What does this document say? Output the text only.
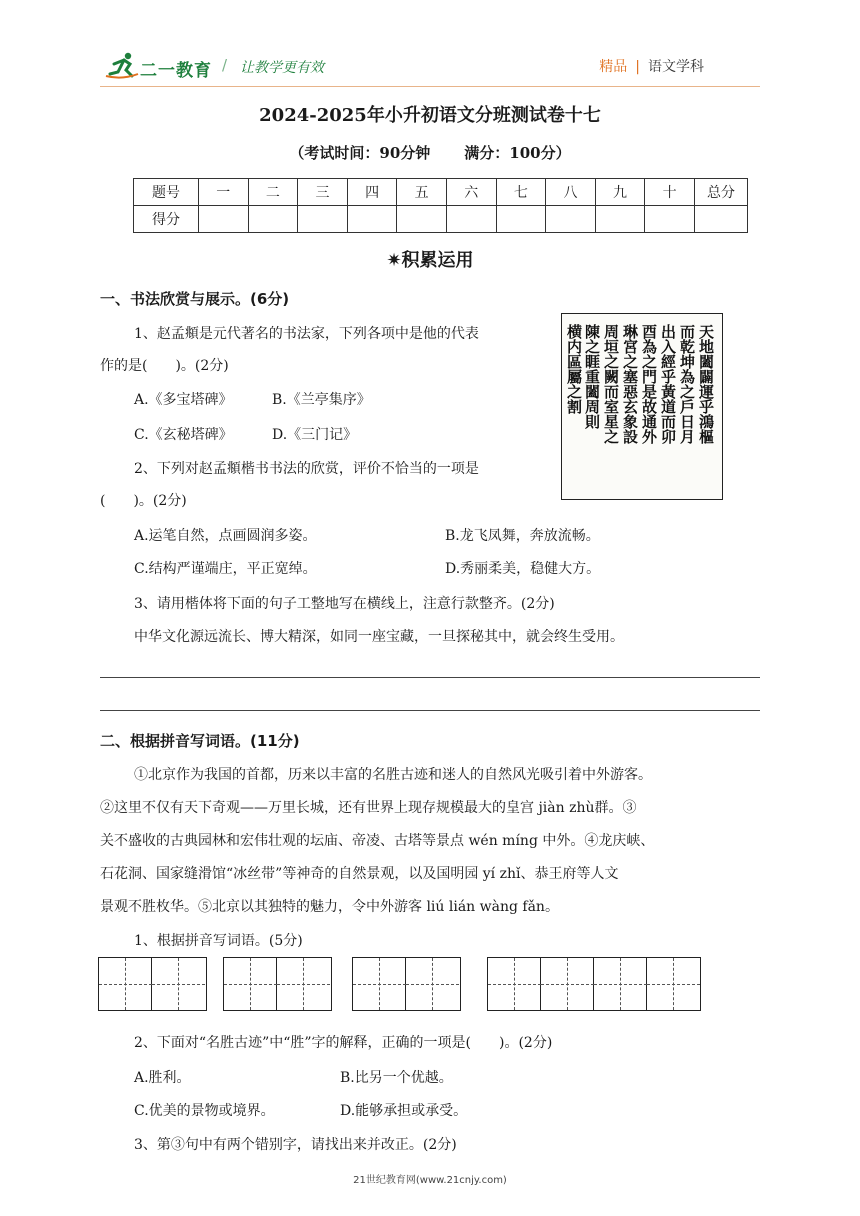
二一教育 / 让教学更有效	精品 | 语文学科
2024-2025年小升初语文分班测试卷十七
（考试时间：90分钟 满分：100分）
题号	一	二	三	四	五	六	七	八	九	十	总分
得分											
✷积累运用
一、书法欣赏与展示。(6分)
1、赵孟頫是元代著名的书法家，下列各项中是他的代表
作的是(　　)。(2分)
A.《多宝塔碑》	B.《兰亭集序》
C.《玄秘塔碑》	D.《三门记》
2、下列对赵孟頫楷书书法的欣赏，评价不恰当的一项是
(　　)。(2分)
A.运笔自然，点画圆润多姿。	B.龙飞凤舞，奔放流畅。
C.结构严谨端庄，平正宽绰。	D.秀丽柔美，稳健大方。
3、请用楷体将下面的句子工整地写在横线上，注意行款整齐。(2分)
中华文化源远流长、博大精深，如同一座宝藏，一旦探秘其中，就会终生受用。
天地闔闢運乎鴻樞
而乾坤為之戶日月
出入經乎黃道而卯
酉為之門是故通外
琳宮之塞惡玄象設
周垣之闕而室星之
陳之睚重闔周則
横内區屬之割
二、根据拼音写词语。(11分)
①北京作为我国的首都，历来以丰富的名胜古迹和迷人的自然风光吸引着中外游客。
②这里不仅有天下奇观——万里长城，还有世界上现存规模最大的皇宫 jiàn zhù群。③
关不盛收的古典园林和宏伟壮观的坛庙、帝凌、古塔等景点 wén míng 中外。④龙庆峡、
石花洞、国家缝滑馆“冰丝带”等神奇的自然景观，以及国明园 yí zhǐ、恭王府等人文
景观不胜枚华。⑤北京以其独特的魅力，令中外游客 liú lián wàng fǎn。
1、根据拼音写词语。(5分)
2、下面对“名胜古迹”中“胜”字的解释，正确的一项是(　　)。(2分)
A.胜利。	B.比另一个优越。
C.优美的景物或境界。	D.能够承担或承受。
3、第③句中有两个错别字，请找出来并改正。(2分)
21世纪教育网(www.21cnjy.com)
